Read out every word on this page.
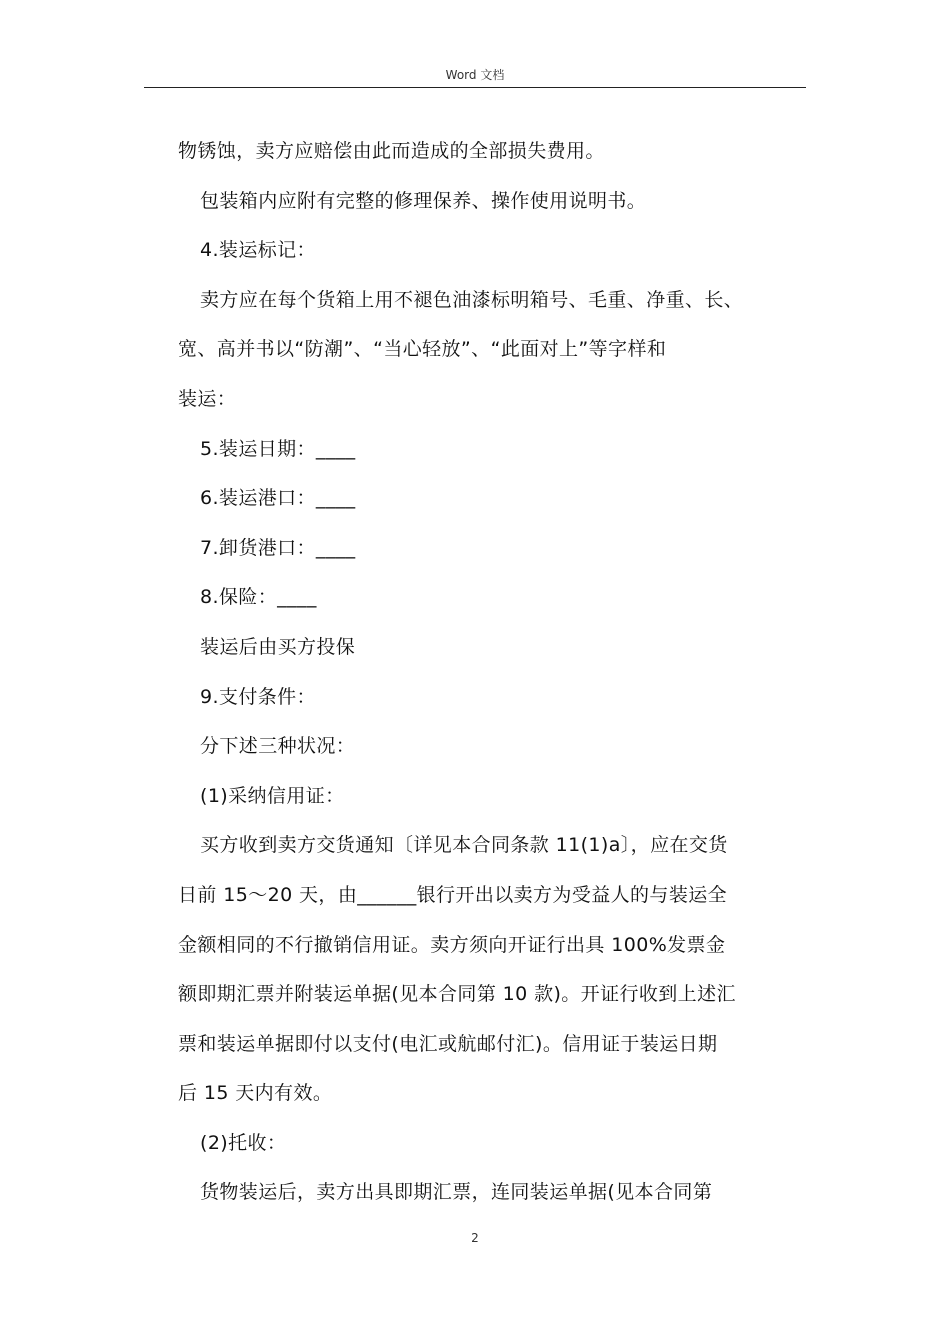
Word 文档
物锈蚀，卖方应赔偿由此而造成的全部损失费用。
包装箱内应附有完整的修理保养、操作使用说明书。
4.装运标记：
卖方应在每个货箱上用不褪色油漆标明箱号、毛重、净重、长、
宽、高并书以“防潮”、“当心轻放”、“此面对上”等字样和
装运：
5.装运日期：____
6.装运港口：____
7.卸货港口：____
8.保险：____
装运后由买方投保
9.支付条件：
分下述三种状况：
(1)采纳信用证：
买方收到卖方交货通知〔详见本合同条款 11(1)a〕，应在交货
日前 15～20 天，由______银行开出以卖方为受益人的与装运全
金额相同的不行撤销信用证。卖方须向开证行出具 100%发票金
额即期汇票并附装运单据(见本合同第 10 款)。开证行收到上述汇
票和装运单据即付以支付(电汇或航邮付汇)。信用证于装运日期
后 15 天内有效。
(2)托收：
货物装运后，卖方出具即期汇票，连同装运单据(见本合同第
2
